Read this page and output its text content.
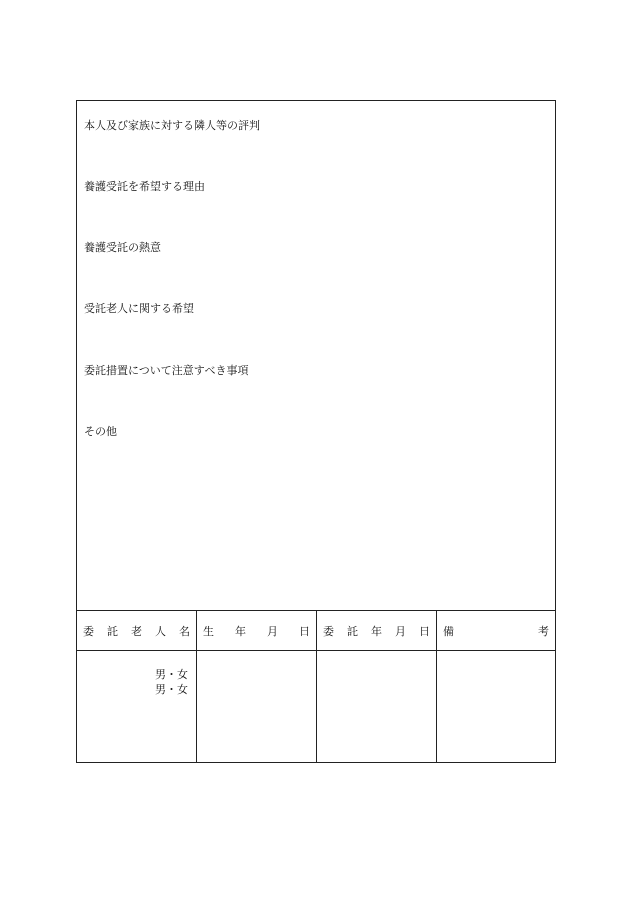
本人及び家族に対する隣人等の評判
養護受託を希望する理由
養護受託の熱意
受託老人に関する希望
委託措置について注意すべき事項
その他
委 託 老 人 名 生 年 月 日 委 託 年 月 日 備	考
男・女
男・女
